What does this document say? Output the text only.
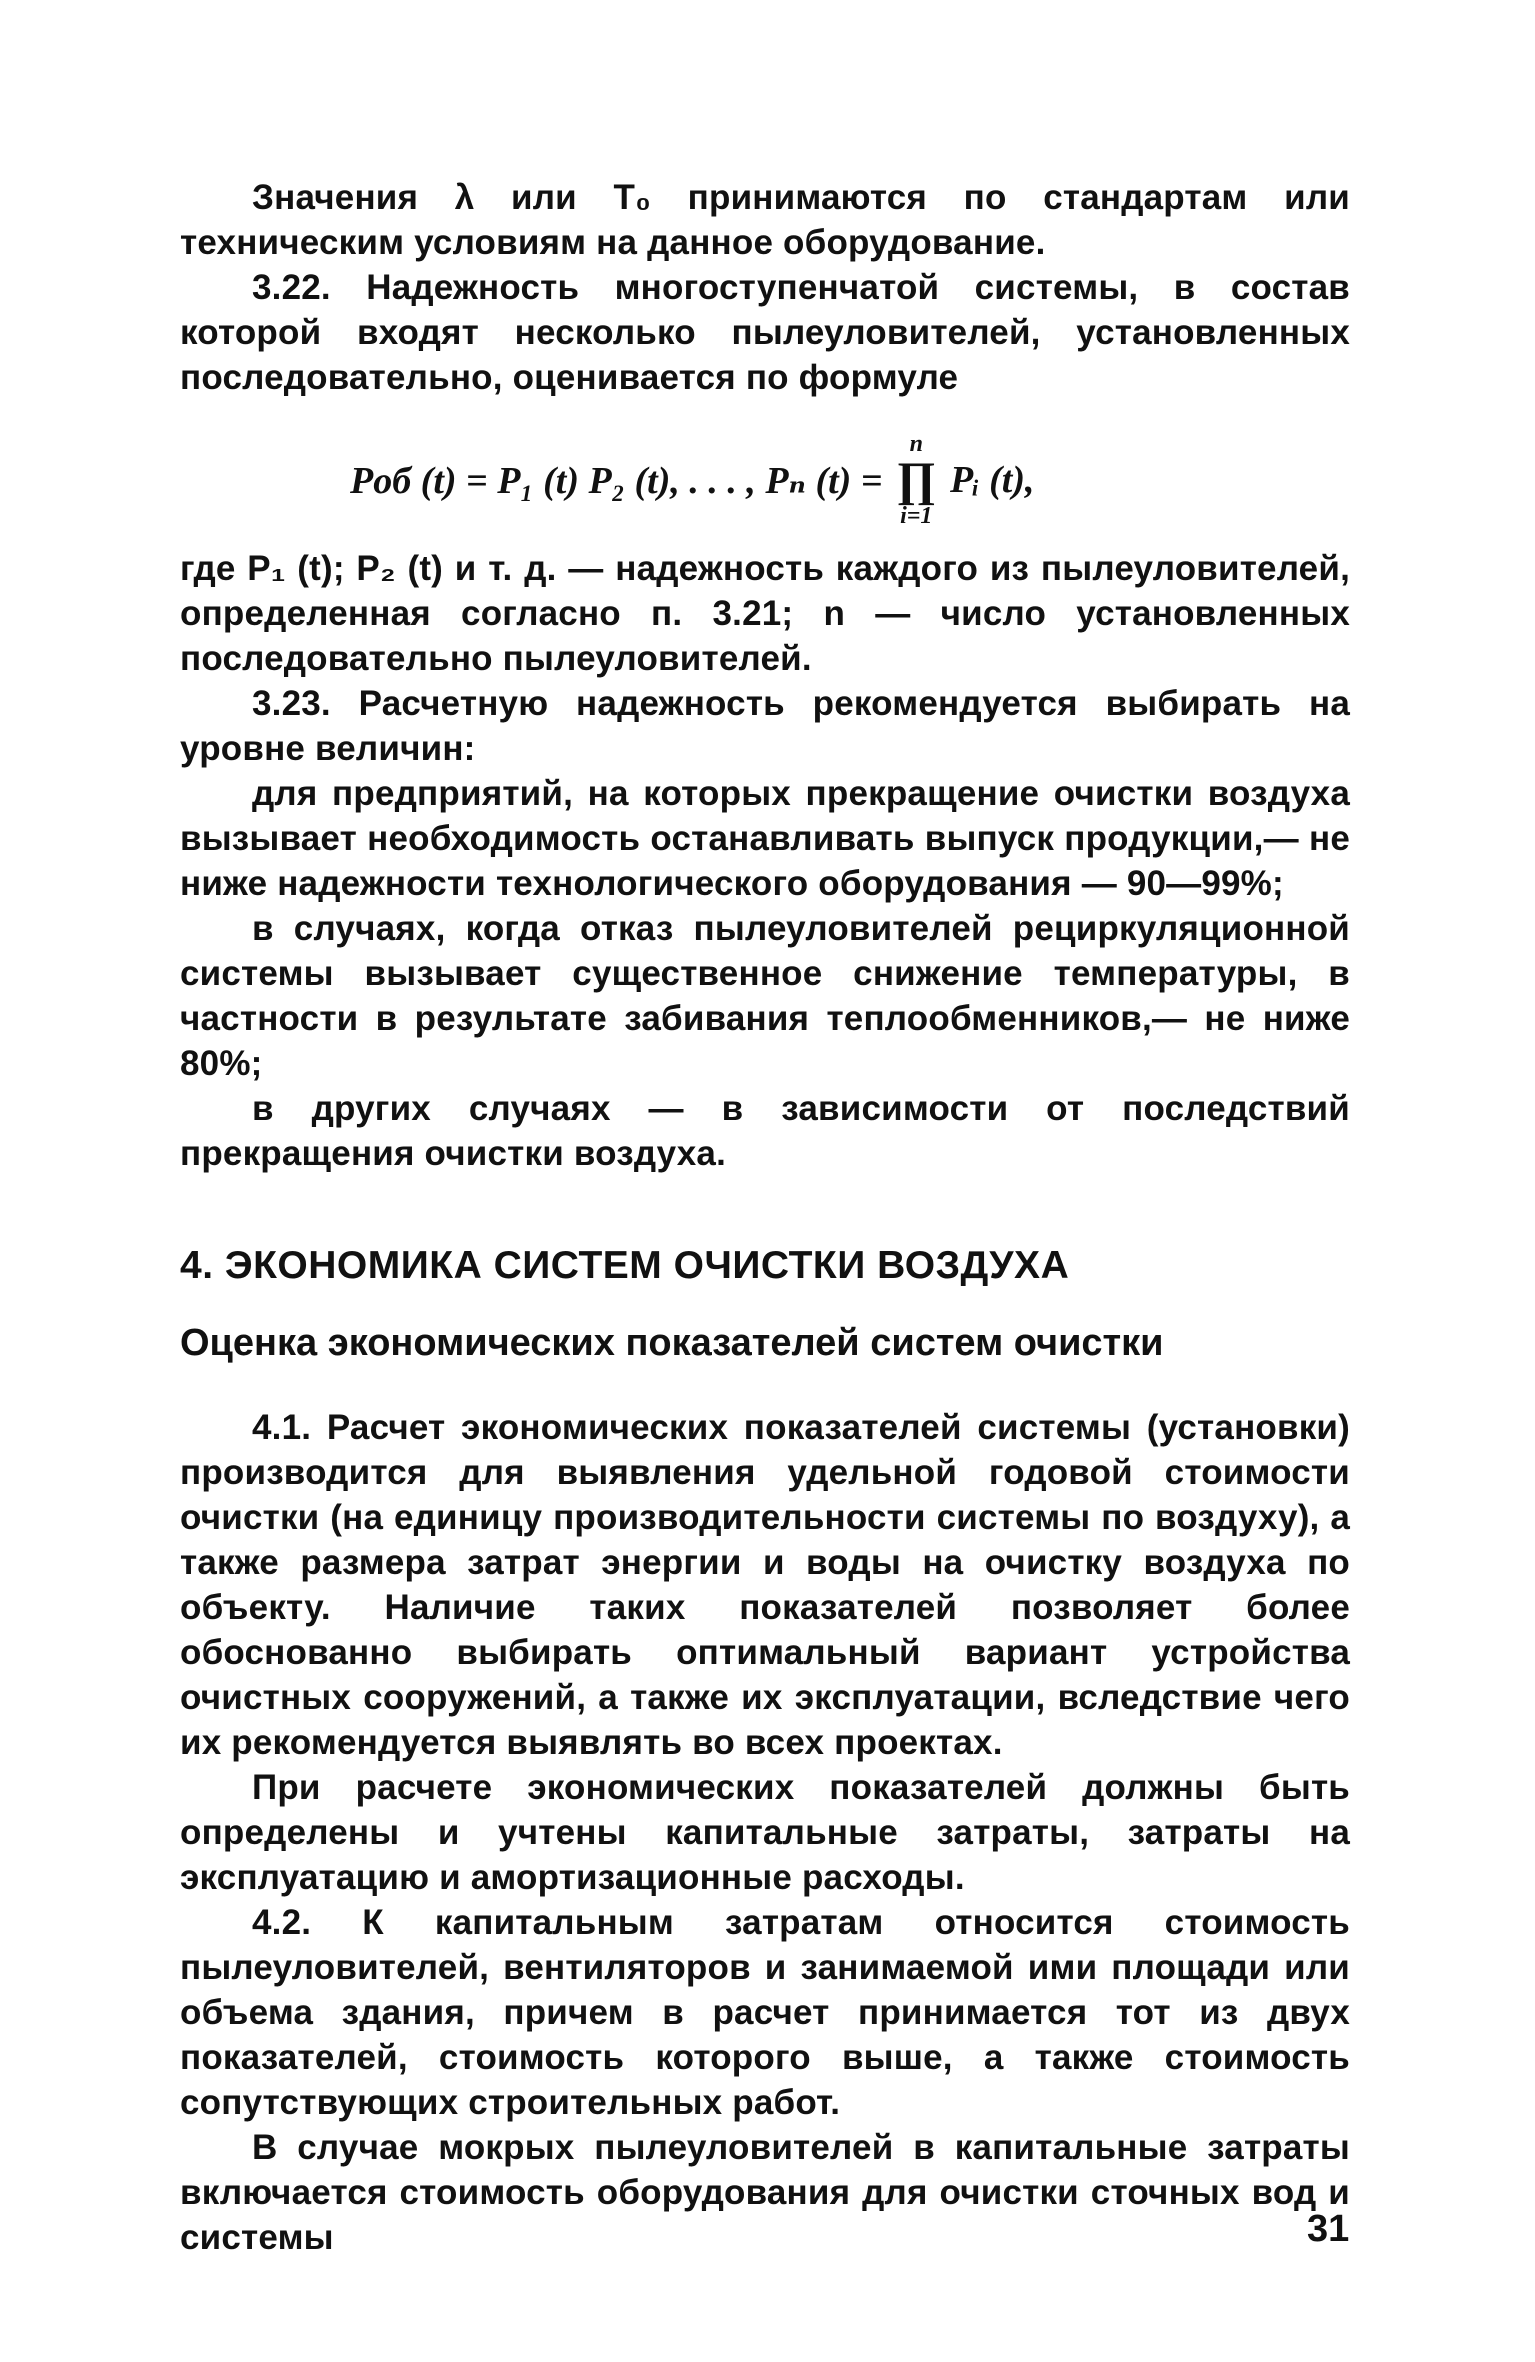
Значения λ или T₀ принимаются по стандартам или техническим условиям на данное оборудование.

3.22. Надежность многоступенчатой системы, в состав которой входят несколько пылеуловителей, установленных последовательно, оценивается по формуле

Pоб (t) = P₁ (t) P₂ (t), . . . , Pₙ (t) =
n
∏
i=1
Pᵢ (t),

где P₁ (t); P₂ (t) и т. д. — надежность каждого из пылеуловителей, определенная согласно п. 3.21; n — число установленных последовательно пылеуловителей.

3.23. Расчетную надежность рекомендуется выбирать на уровне величин:

для предприятий, на которых прекращение очистки воздуха вызывает необходимость останавливать выпуск продукции,— не ниже надежности технологического оборудования — 90—99%;

в случаях, когда отказ пылеуловителей рециркуляционной системы вызывает существенное снижение температуры, в частности в результате забивания теплообменников,— не ниже 80%;

в других случаях — в зависимости от последствий прекращения очистки воздуха.

4. ЭКОНОМИКА СИСТЕМ ОЧИСТКИ ВОЗДУХА
Оценка экономических показателей систем очистки

4.1. Расчет экономических показателей системы (установки) производится для выявления удельной годовой стоимости очистки (на единицу производительности системы по воздуху), а также размера затрат энергии и воды на очистку воздуха по объекту. Наличие таких показателей позволяет более обоснованно выбирать оптимальный вариант устройства очистных сооружений, а также их эксплуатации, вследствие чего их рекомендуется выявлять во всех проектах.

При расчете экономических показателей должны быть определены и учтены капитальные затраты, затраты на эксплуатацию и амортизационные расходы.

4.2. К капитальным затратам относится стоимость пылеуловителей, вентиляторов и занимаемой ими площади или объема здания, причем в расчет принимается тот из двух показателей, стоимость которого выше, а также стоимость сопутствующих строительных работ.

В случае мокрых пылеуловителей в капитальные затраты включается стоимость оборудования для очистки сточных вод и системы	31
